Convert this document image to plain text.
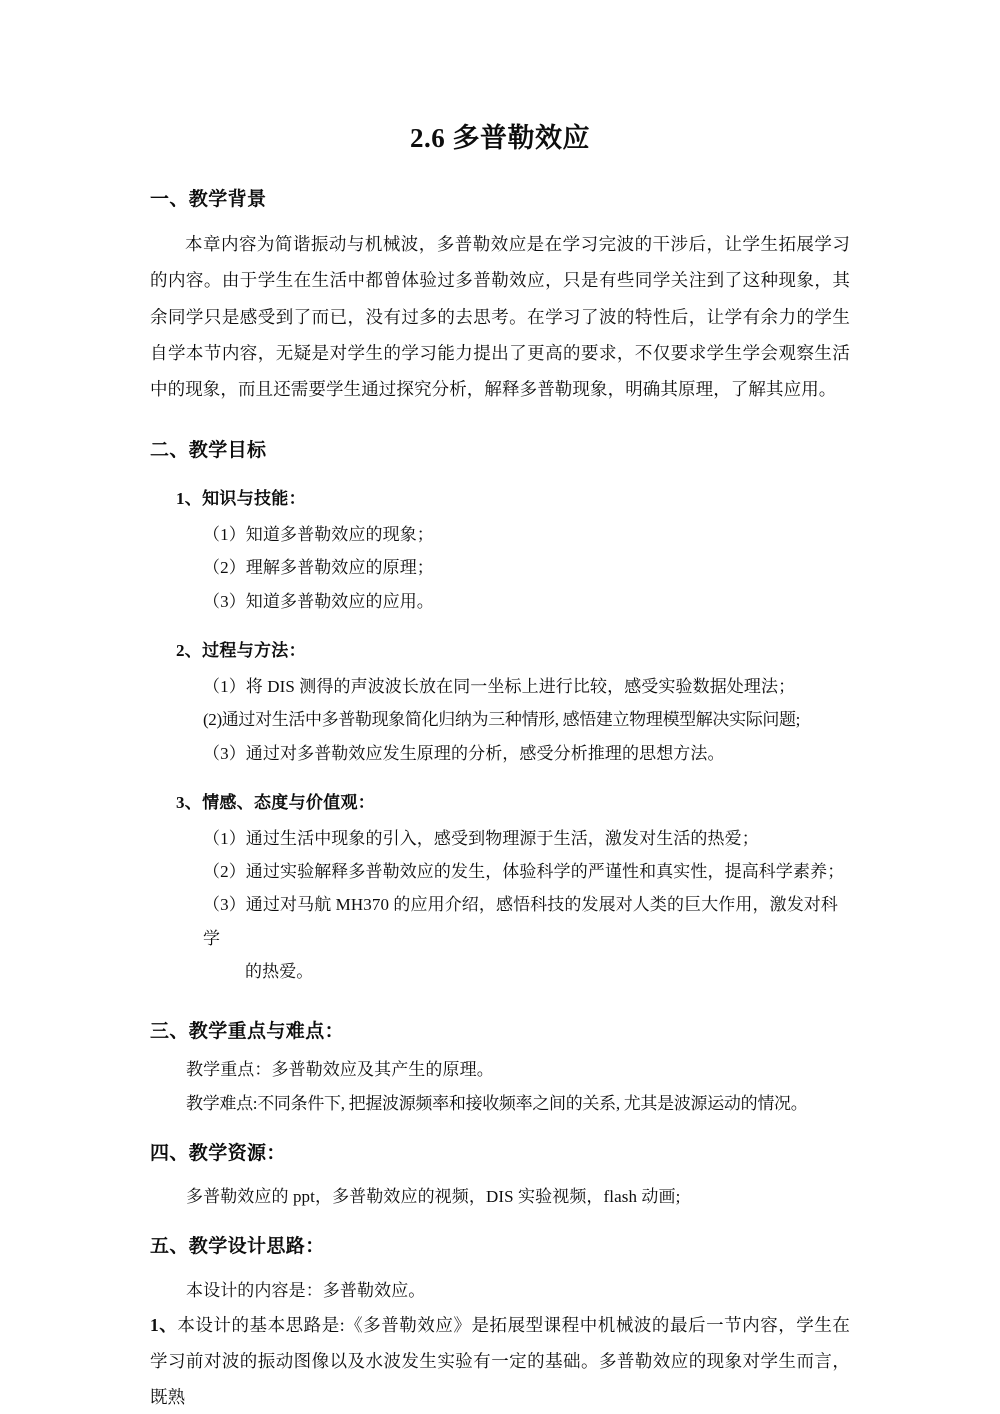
2.6 多普勒效应
一、教学背景

本章内容为简谐振动与机械波，多普勒效应是在学习完波的干涉后，让学生拓展学习的内容。由于学生在生活中都曾体验过多普勒效应，只是有些同学关注到了这种现象，其余同学只是感受到了而已，没有过多的去思考。在学习了波的特性后，让学有余力的学生自学本节内容，无疑是对学生的学习能力提出了更高的要求，不仅要求学生学会观察生活中的现象，而且还需要学生通过探究分析，解释多普勒现象，明确其原理，了解其应用。

二、教学目标
1、知识与技能：

（1）知道多普勒效应的现象；

（2）理解多普勒效应的原理；

（3）知道多普勒效应的应用。

2、过程与方法：

（1）将 DIS 测得的声波波长放在同一坐标上进行比较，感受实验数据处理法；

(2)通过对生活中多普勒现象简化归纳为三种情形, 感悟建立物理模型解决实际问题;

（3）通过对多普勒效应发生原理的分析，感受分析推理的思想方法。

3、情感、态度与价值观：

（1）通过生活中现象的引入，感受到物理源于生活，激发对生活的热爱；

（2）通过实验解释多普勒效应的发生，体验科学的严谨性和真实性，提高科学素养；

（3）通过对马航 MH370 的应用介绍，感悟科技的发展对人类的巨大作用，激发对科学
的热爱。

三、教学重点与难点：

教学重点：多普勒效应及其产生的原理。

教学难点:不同条件下, 把握波源频率和接收频率之间的关系, 尤其是波源运动的情况。

四、教学资源：

多普勒效应的 ppt，多普勒效应的视频，DIS 实验视频，flash 动画;

五、教学设计思路：

本设计的内容是：多普勒效应。

1、本设计的基本思路是:《多普勒效应》是拓展型课程中机械波的最后一节内容，学生在学习前对波的振动图像以及水波发生实验有一定的基础。多普勒效应的现象对学生而言，既熟
